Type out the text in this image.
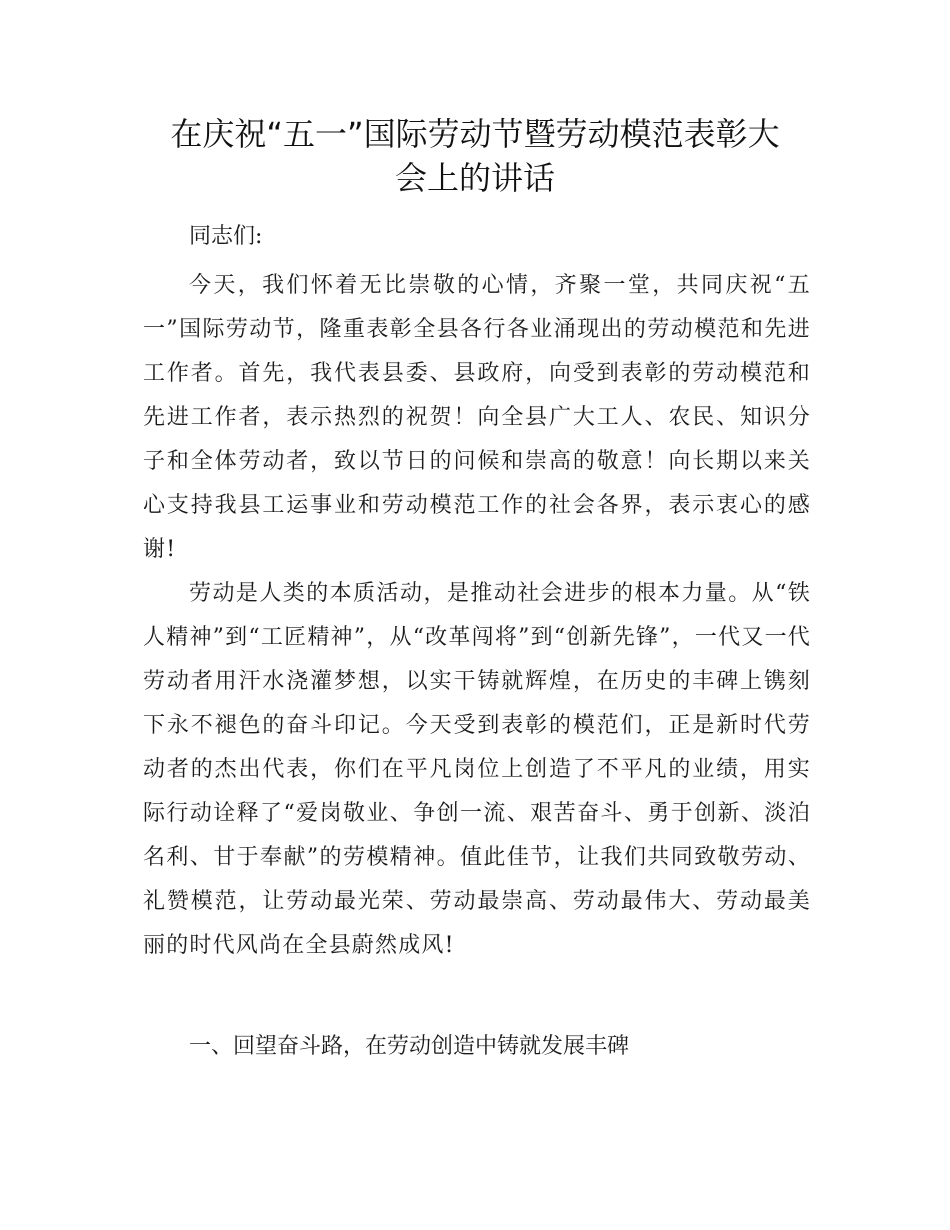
在庆祝“五一”国际劳动节暨劳动模范表彰大
会上的讲话

同志们:

今天，我们怀着无比崇敬的心情，齐聚一堂，共同庆祝“五一”国际劳动节，隆重表彰全县各行各业涌现出的劳动模范和先进工作者。首先，我代表县委、县政府，向受到表彰的劳动模范和先进工作者，表示热烈的祝贺！向全县广大工人、农民、知识分子和全体劳动者，致以节日的问候和崇高的敬意！向长期以来关心支持我县工运事业和劳动模范工作的社会各界，表示衷心的感谢!

劳动是人类的本质活动，是推动社会进步的根本力量。从“铁人精神”到“工匠精神”，从“改革闯将”到“创新先锋”，一代又一代劳动者用汗水浇灌梦想，以实干铸就辉煌，在历史的丰碑上镌刻下永不褪色的奋斗印记。今天受到表彰的模范们，正是新时代劳动者的杰出代表，你们在平凡岗位上创造了不平凡的业绩，用实际行动诠释了“爱岗敬业、争创一流、艰苦奋斗、勇于创新、淡泊名利、甘于奉献”的劳模精神。值此佳节，让我们共同致敬劳动、礼赞模范，让劳动最光荣、劳动最崇高、劳动最伟大、劳动最美丽的时代风尚在全县蔚然成风!

一、回望奋斗路，在劳动创造中铸就发展丰碑
